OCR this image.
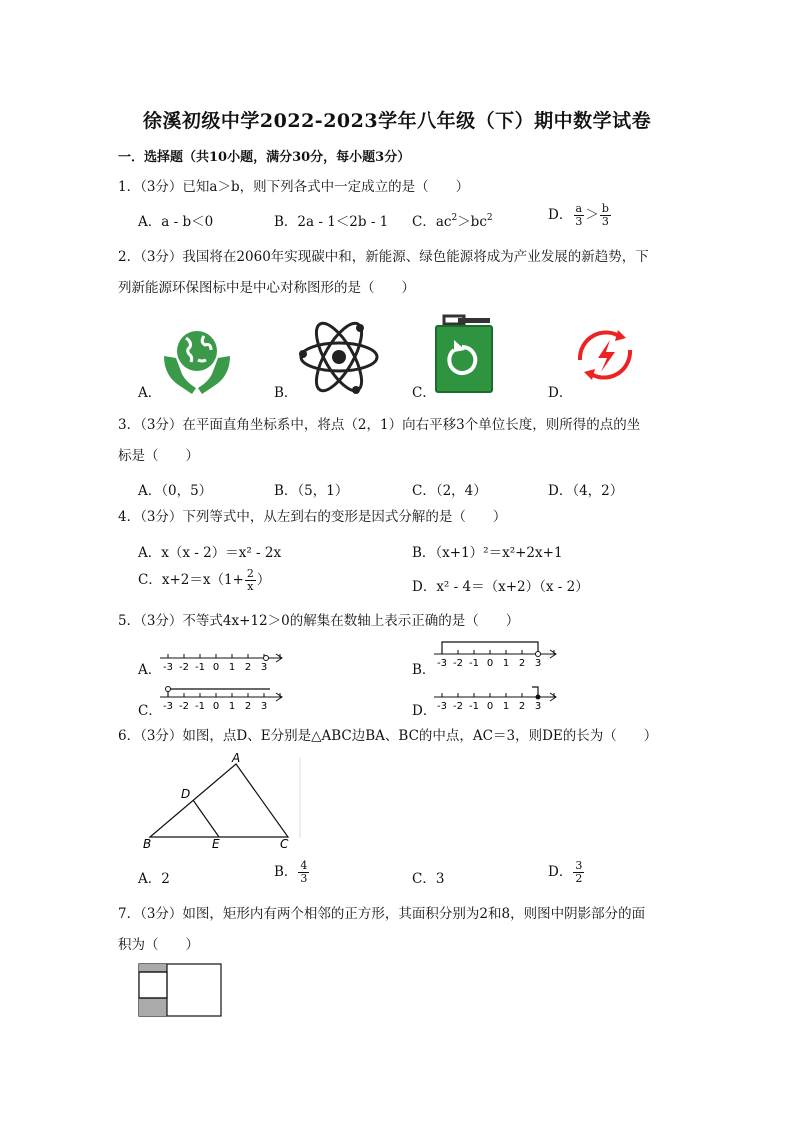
徐溪初级中学2022-2023学年八年级（下）期中数学试卷
一．选择题（共10小题，满分30分，每小题3分）
1．（3分）已知a＞b，则下列各式中一定成立的是（　　）
A．a - b＜0	B．2a - 1＜2b - 1 C．$ac^2>bc^2$	D． $\frac{a}{3} > \frac{b}{3}$
2．（3分）我国将在2060年实现碳中和，新能源、绿色能源将成为产业发展的新趋势，下
列新能源环保图标中是中心对称图形的是（　　）
A．	B．	C．	D．
3．（3分）在平面直角坐标系中，将点（2，1）向右平移3个单位长度，则所得的点的坐
标是（　　）
A．（0，5）	B．（5，1）	C．（2，4）	D．（4，2）
4．（3分）下列等式中，从左到右的变形是因式分解的是（　　）
A．x（x - 2）＝x² - 2x	B．（x+1）²＝x²+2x+1
C．$x+2=x(1+ \frac{2}{x}$ ）	D．x² - 4＝（x+2）（x - 2）
5．（3分）不等式4x+12＞0的解集在数轴上表示正确的是（　　）
A． -3 -2 -1 0 1 2 3	B． -3 -2 -1 0 1 2 3
C． -3 -2 -1 0 1 2 3	D． -3 -2 -1 0 1 2 3
6．（3分）如图，点D、E分别是△ABC边BA、BC的中点，AC＝3，则DE的长为（　　）
A
D
B	E	C
A．2	B． $\frac{4}{3}$	C．3	D． $\frac{3}{2}$
7．（3分）如图，矩形内有两个相邻的正方形，其面积分别为2和8，则图中阴影部分的面
积为（　　）
